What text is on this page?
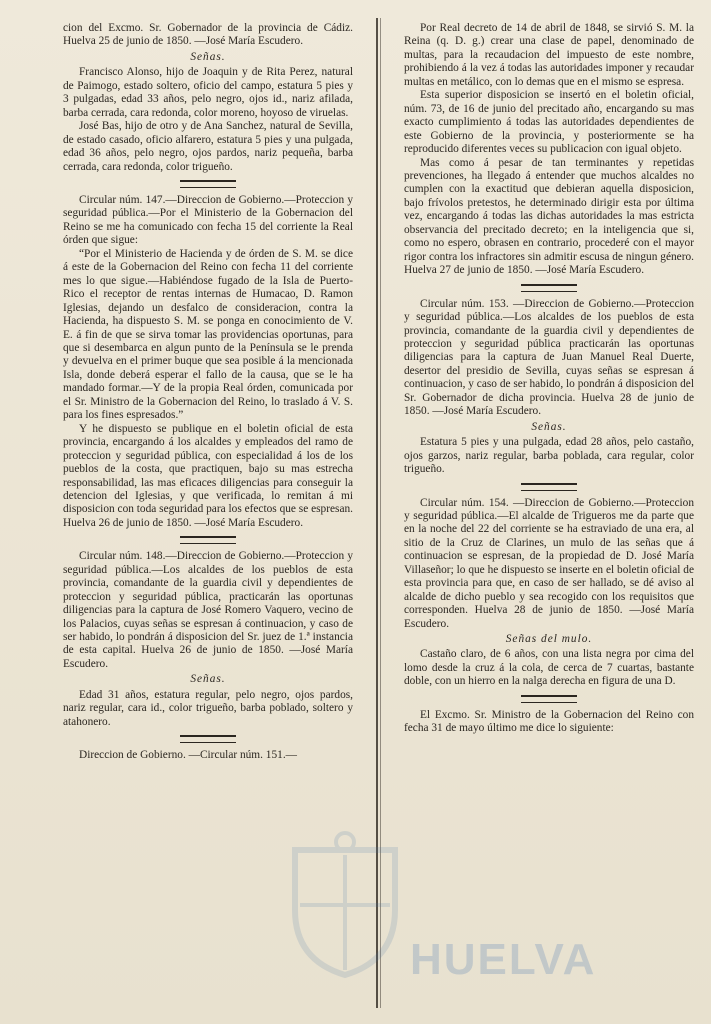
cion del Excmo. Sr. Gobernador de la provincia de Cádiz. Huelva 25 de junio de 1850. —José María Escudero.

Señas.

Francisco Alonso, hijo de Joaquin y de Rita Perez, natural de Paimogo, estado soltero, oficio del campo, estatura 5 pies y 3 pulgadas, edad 33 años, pelo negro, ojos id., nariz afilada, barba cerrada, cara redonda, color moreno, hoyoso de viruelas.

José Bas, hijo de otro y de Ana Sanchez, natural de Sevilla, de estado casado, oficio alfarero, estatura 5 pies y una pulgada, edad 36 años, pelo negro, ojos pardos, nariz pequeña, barba cerrada, cara redonda, color trigueño.

Circular núm. 147.—Direccion de Gobierno.—Proteccion y seguridad pública.—Por el Ministerio de la Gobernacion del Reino se me ha comunicado con fecha 15 del corriente la Real órden que sigue:

“Por el Ministerio de Hacienda y de órden de S. M. se dice á este de la Gobernacion del Reino con fecha 11 del corriente mes lo que sigue.—Habiéndose fugado de la Isla de Puerto-Rico el receptor de rentas internas de Humacao, D. Ramon Iglesias, dejando un desfalco de consideracion, contra la Hacienda, ha dispuesto S. M. se ponga en conocimiento de V. E. á fin de que se sirva tomar las providencias oportunas, para que si desembarca en algun punto de la Península se le prenda y devuelva en el primer buque que sea posible á la mencionada Isla, donde deberá esperar el fallo de la causa, que se le ha mandado formar.—Y de la propia Real órden, comunicada por el Sr. Ministro de la Gobernacion del Reino, lo traslado á V. S. para los fines espresados.”

Y he dispuesto se publique en el boletin oficial de esta provincia, encargando á los alcaldes y empleados del ramo de proteccion y seguridad pública, con especialidad á los de los pueblos de la costa, que practiquen, bajo su mas estrecha responsabilidad, las mas eficaces diligencias para conseguir la detencion del Iglesias, y que verificada, lo remitan á mi disposicion con toda seguridad para los efectos que se espresan. Huelva 26 de junio de 1850. —José María Escudero.

Circular núm. 148.—Direccion de Gobierno.—Proteccion y seguridad pública.—Los alcaldes de los pueblos de esta provincia, comandante de la guardia civil y dependientes de proteccion y seguridad pública, practicarán las oportunas diligencias para la captura de José Romero Vaquero, vecino de los Palacios, cuyas señas se espresan á continuacion, y caso de ser habido, lo pondrán á disposicion del Sr. juez de 1.ª instancia de esta capital. Huelva 26 de junio de 1850. —José María Escudero.

Señas.

Edad 31 años, estatura regular, pelo negro, ojos pardos, nariz regular, cara id., color trigueño, barba poblado, soltero y atahonero.

Direccion de Gobierno. —Circular núm. 151.—

Por Real decreto de 14 de abril de 1848, se sirvió S. M. la Reina (q. D. g.) crear una clase de papel, denominado de multas, para la recaudacion del impuesto de este nombre, prohibiendo á la vez á todas las autoridades imponer y recaudar multas en metálico, con lo demas que en el mismo se espresa.

Esta superior disposicion se insertó en el boletin oficial, núm. 73, de 16 de junio del precitado año, encargando su mas exacto cumplimiento á todas las autoridades dependientes de este Gobierno de la provincia, y posteriormente se ha reproducido diferentes veces su publicacion con igual objeto.

Mas como á pesar de tan terminantes y repetidas prevenciones, ha llegado á entender que muchos alcaldes no cumplen con la exactitud que debieran aquella disposicion, bajo frívolos pretestos, he determinado dirigir esta por última vez, encargando á todas las dichas autoridades la mas estricta observancia del precitado decreto; en la inteligencia que si, como no espero, obrasen en contrario, procederé con el mayor rigor contra los infractores sin admitir escusa de ningun género. Huelva 27 de junio de 1850. —José María Escudero.

Circular núm. 153. —Direccion de Gobierno.—Proteccion y seguridad pública.—Los alcaldes de los pueblos de esta provincia, comandante de la guardia civil y dependientes de proteccion y seguridad pública practicarán las oportunas diligencias para la captura de Juan Manuel Real Duerte, desertor del presidio de Sevilla, cuyas señas se espresan á continuacion, y caso de ser habido, lo pondrán á disposicion del Sr. Gobernador de dicha provincia. Huelva 28 de junio de 1850. —José María Escudero.

Señas.

Estatura 5 pies y una pulgada, edad 28 años, pelo castaño, ojos garzos, nariz regular, barba poblada, cara regular, color trigueño.

Circular núm. 154. —Direccion de Gobierno.—Proteccion y seguridad pública.—El alcalde de Trigueros me da parte que en la noche del 22 del corriente se ha estraviado de una era, al sitio de la Cruz de Clarines, un mulo de las señas que á continuacion se espresan, de la propiedad de D. José María Villaseñor; lo que he dispuesto se inserte en el boletin oficial de esta provincia para que, en caso de ser hallado, se dé aviso al alcalde de dicho pueblo y sea recogido con los requisitos que corresponden. Huelva 28 de junio de 1850. —José María Escudero.

Señas del mulo.

Castaño claro, de 6 años, con una lista negra por cima del lomo desde la cruz á la cola, de cerca de 7 cuartas, bastante doble, con un hierro en la nalga derecha en figura de una D.

El Excmo. Sr. Ministro de la Gobernacion del Reino con fecha 31 de mayo último me dice lo siguiente:

HUELVA
